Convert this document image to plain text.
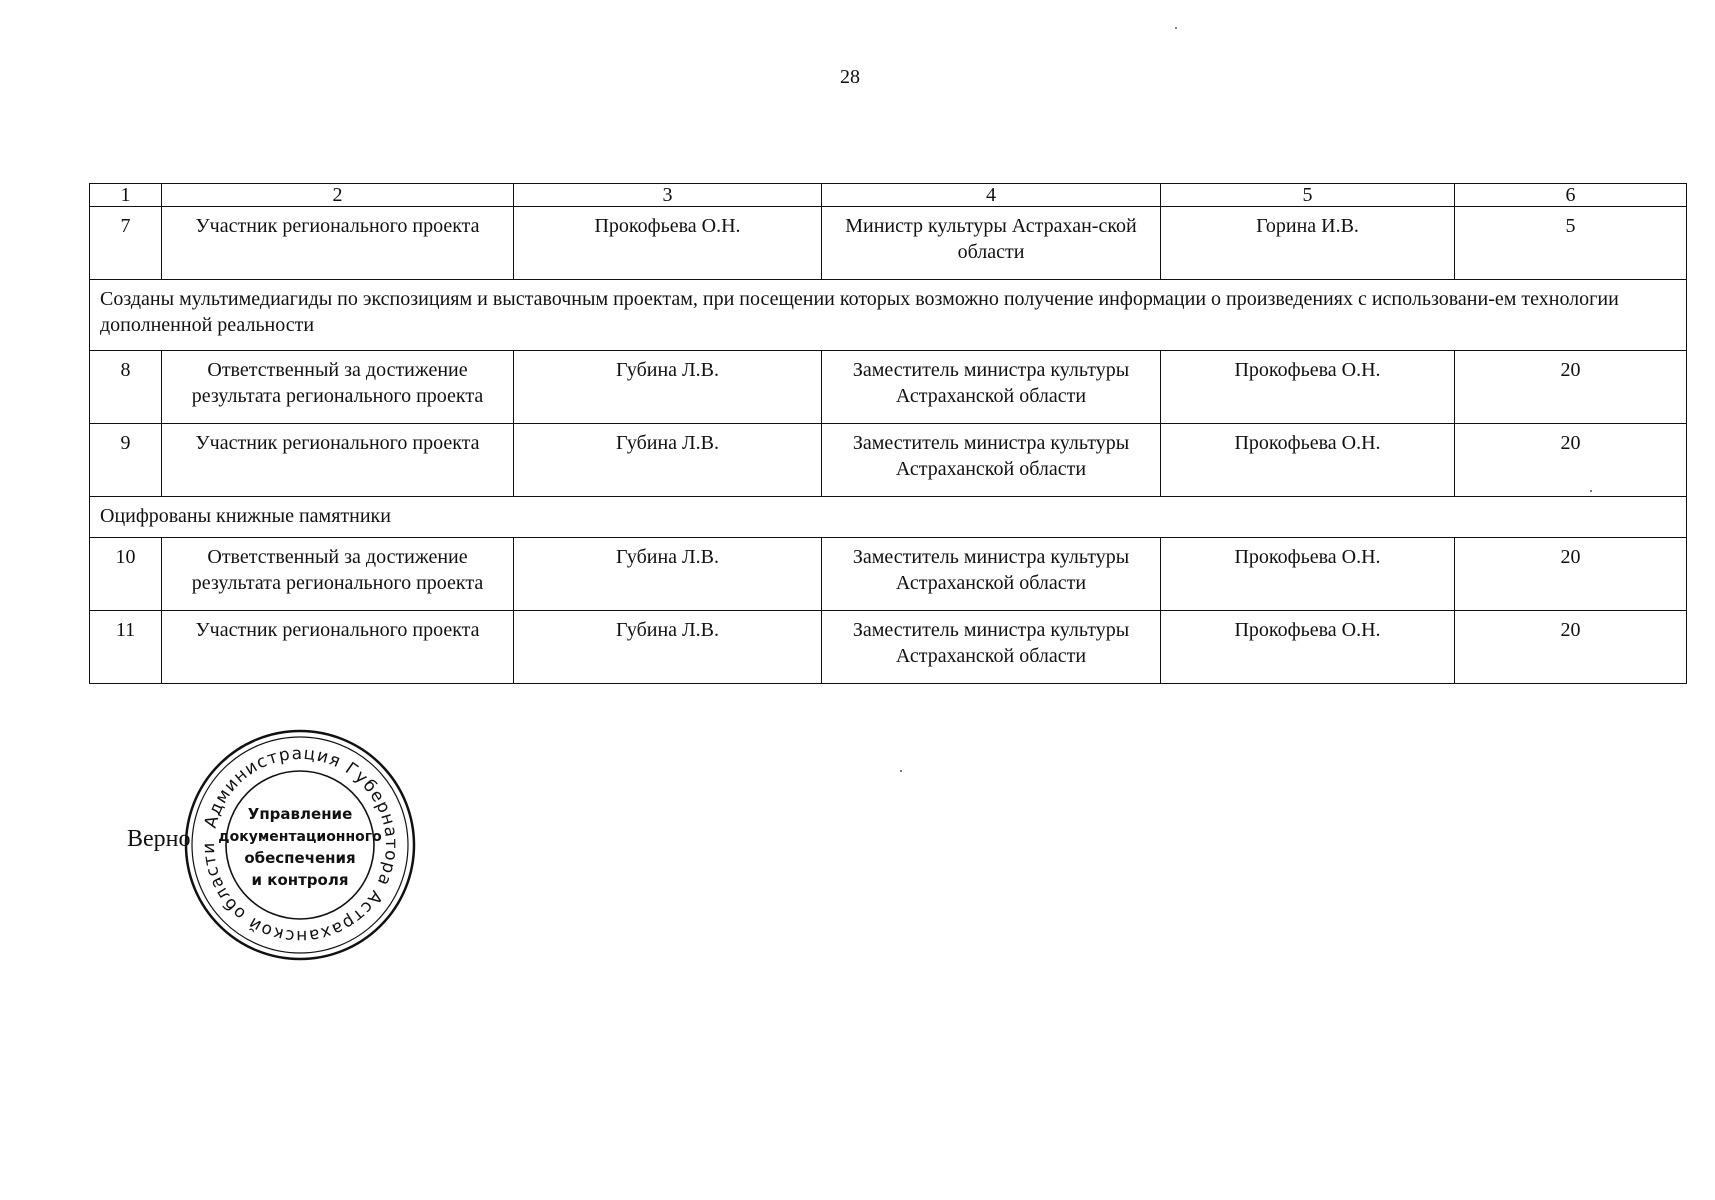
28
1	2	3	4	5	6
7	Участник регионального проекта	Прокофьева О.Н.	Министр культуры Астрахан-ской области	Горина И.В.	5
Созданы мультимедиагиды по экспозициям и выставочным проектам, при посещении которых возможно получение информации о произведениях с использовани-ем технологии дополненной реальности					
8	Ответственный за достижение результата регионального проекта	Губина Л.В.	Заместитель министра культуры Астраханской области	Прокофьева О.Н.	20
9	Участник регионального проекта	Губина Л.В.	Заместитель министра культуры Астраханской области	Прокофьева О.Н.	20
Оцифрованы книжные памятники					
10	Ответственный за достижение результата регионального проекта	Губина Л.В.	Заместитель министра культуры Астраханской области	Прокофьева О.Н.	20
11	Участник регионального проекта	Губина Л.В.	Заместитель министра культуры Астраханской области	Прокофьева О.Н.	20
Верно
Администрация Губернатора Астраханской области
Управление
документационного
обеспечения
и контроля
